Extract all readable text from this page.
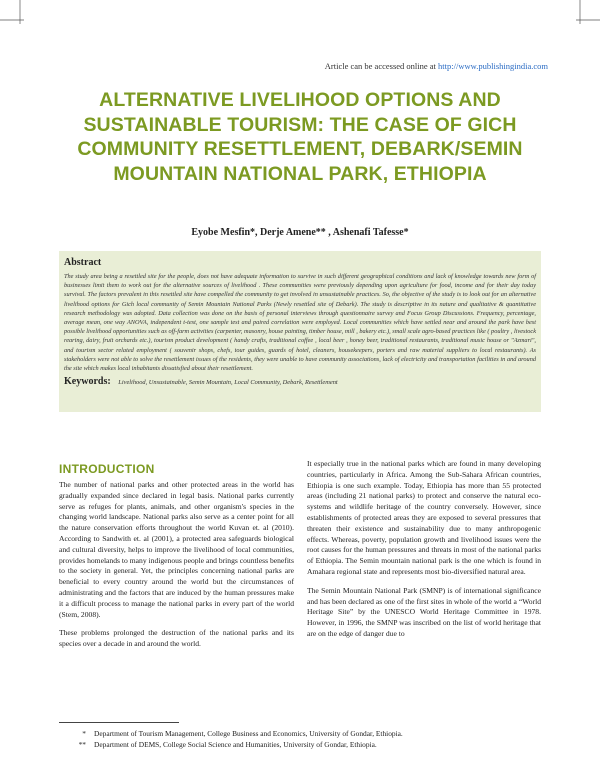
Article can be accessed online at http://www.publishingindia.com
ALTERNATIVE LIVELIHOOD OPTIONS AND SUSTAINABLE TOURISM: THE CASE OF GICH COMMUNITY RESETTLEMENT, DEBARK/SEMIN MOUNTAIN NATIONAL PARK, ETHIOPIA
Eyobe Mesfin*, Derje Amene** , Ashenafi Tafesse*
Abstract

The study area being a resettled site for the people, does not have adequate information to survive in such different geographical conditions and lack of knowledge towards new form of businesses limit them to work out for the alternative sources of livelihood . These communities were previously depending upon agriculture for food, income and for their day today survival. The factors prevalent in this resettled site have compelled the community to get involved in unsustainable practices. So, the objective of the study is to look out for an alternative livelihood options for Gich local community of Semin Mountain National Parks (Newly resettled site of Debark). The study is descriptive in its nature and qualitative & quantitative research methodology was adopted. Data collection was done on the basis of personal interviews through questionnaire survey and Focus Group Discussions. Frequency, percentage, average mean, one way ANOVA, independent t-test, one sample test and paired correlation were employed. Local communities which have settled near and around the park have best possible livelihood opportunities such as off-farm activities (carpenter, masonry, house painting, timber house, mill , bakery etc.), small scale agro-based practices like ( poultry , livestock rearing, dairy, fruit orchards etc.), tourism product development ( handy crafts, traditional coffee , local beer , honey beer, traditional restaurants, traditional music house or "Azmari", and tourism sector related employment ( souvenir shops, chefs, tour guides, guards of hotel, cleaners, housekeepers, porters and raw material suppliers to local restaurants). As stakeholders were not able to solve the resettlement issues of the residents, they were unable to have community associations, lack of electricity and transportation facilities in and around the site which makes local inhabitants dissatisfied about their resettlement.

Keywords: Livelihood, Unsustainable, Semin Mountain, Local Community, Debark, Resettlement
INTRODUCTION

The number of national parks and other protected areas in the world has gradually expanded since declared in legal basis. National parks currently serve as refuges for plants, animals, and other organism's species in the changing world landscape. National parks also serve as a center point for all the nature conservation efforts throughout the world Kuvan et. al (2010). According to Sandwith et. al (2001), a protected area safeguards biological and cultural diversity, helps to improve the livelihood of local communities, provides homelands to many indigenous people and brings countless benefits to the society in general. Yet, the principles concerning national parks are beneficial to every country around the world but the circumstances of administrating and the factors that are induced by the human pressures make it a difficult process to manage the national parks in every part of the world (Stem, 2008).

These problems prolonged the destruction of the national parks and its species over a decade in and around the world.

It especially true in the national parks which are found in many developing countries, particularly in Africa. Among the Sub-Sahara African countries, Ethiopia is one such example. Today, Ethiopia has more than 55 protected areas (including 21 national parks) to protect and conserve the natural eco-systems and wildlife heritage of the country conversely. However, since establishments of protected areas they are exposed to several pressures that threaten their existence and sustainability due to many anthropogenic effects. Whereas, poverty, population growth and livelihood issues were the root causes for the human pressures and threats in most of the national parks of Ethiopia. The Semin mountain national park is the one which is found in Amahara regional state and represents most bio-diversified natural area.

The Semin Mountain National Park (SMNP) is of international significance and has been declared as one of the first sites in whole of the world a “World Heritage Site” by the UNESCO World Heritage Committee in 1978. However, in 1996, the SMNP was inscribed on the list of world heritage that are on the edge of danger due to

*	Department of Tourism Management, College Business and Economics, University of Gondar, Ethiopia.
**	Department of DEMS, College Social Science and Humanities, University of Gondar, Ethiopia.
